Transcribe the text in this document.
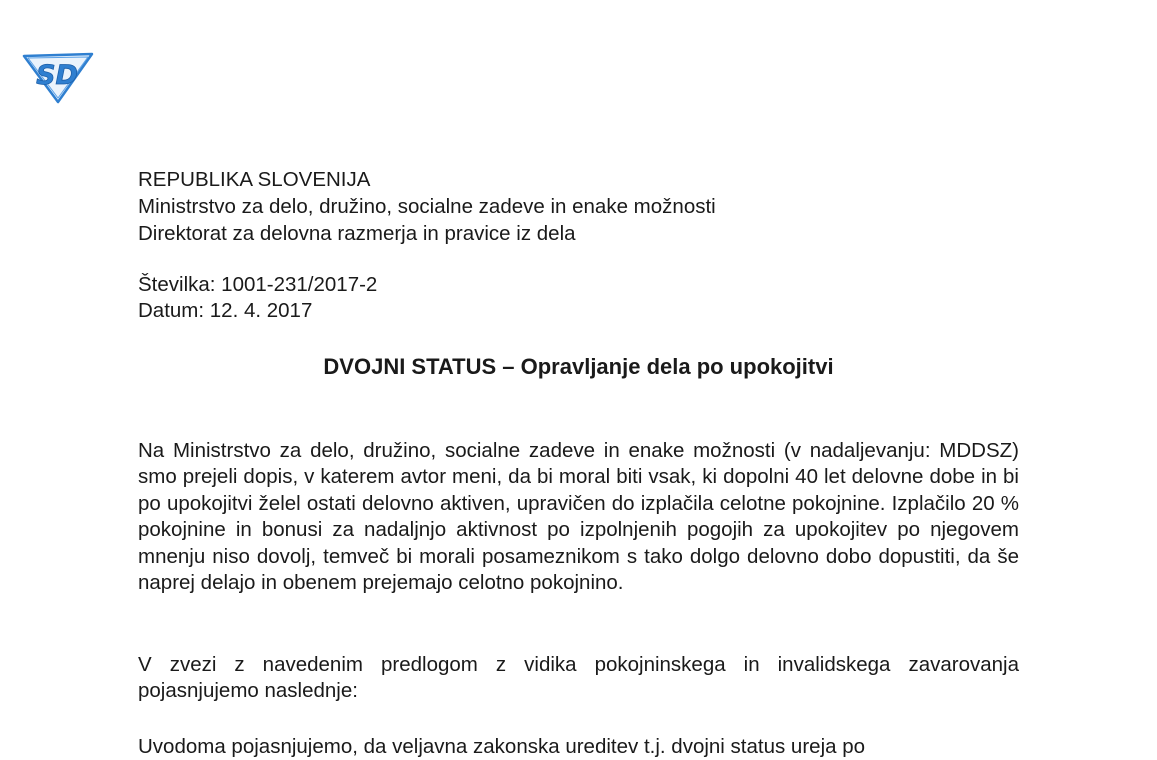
SD
REPUBLIKA SLOVENIJA
Ministrstvo za delo, družino, socialne zadeve in enake možnosti
Direktorat za delovna razmerja in pravice iz dela
Številka: 1001-231/2017-2
Datum: 12. 4. 2017
DVOJNI STATUS – Opravljanje dela po upokojitvi

Na Ministrstvo za delo, družino, socialne zadeve in enake možnosti (v nadaljevanju: MDDSZ) smo prejeli dopis, v katerem avtor meni, da bi moral biti vsak, ki dopolni 40 let delovne dobe in bi po upokojitvi želel ostati delovno aktiven, upravičen do izplačila celotne pokojnine. Izplačilo 20 % pokojnine in bonusi za nadaljnjo aktivnost po izpolnjenih pogojih za upokojitev po njegovem mnenju niso dovolj, temveč bi morali posameznikom s tako dolgo delovno dobo dopustiti, da še naprej delajo in obenem prejemajo celotno pokojnino.

V zvezi z navedenim predlogom z vidika pokojninskega in invalidskega zavarovanja pojasnjujemo naslednje:

Uvodoma pojasnjujemo, da veljavna zakonska ureditev t.j. dvojni status ureja po
